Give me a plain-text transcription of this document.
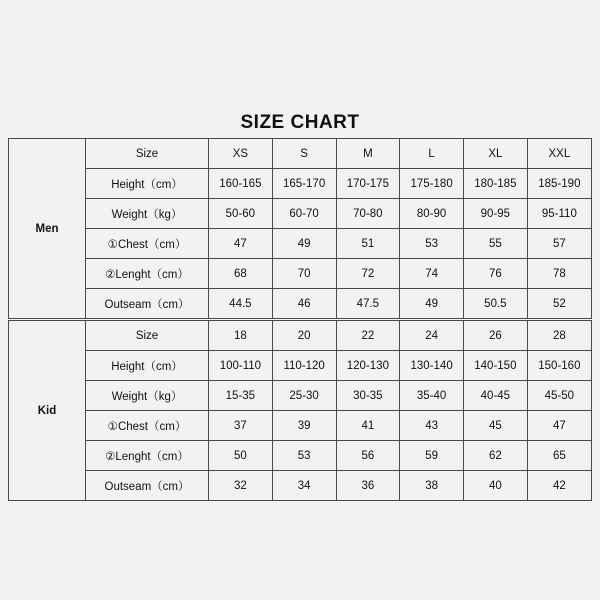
SIZE CHART
Men	Size	XS	S	M	L	XL	XXL
	Height（cm）	160-165	165-170	170-175	175-180	180-185	185-190
	Weight（kg）	50-60	60-70	70-80	80-90	90-95	95-110
	①Chest（cm）	47	49	51	53	55	57
	②Lenght（cm）	68	70	72	74	76	78
	Outseam（cm）	44.5	46	47.5	49	50.5	52
Kid	Size	18	20	22	24	26	28
	Height（cm）	100-110	110-120	120-130	130-140	140-150	150-160
	Weight（kg）	15-35	25-30	30-35	35-40	40-45	45-50
	①Chest（cm）	37	39	41	43	45	47
	②Lenght（cm）	50	53	56	59	62	65
	Outseam（cm）	32	34	36	38	40	42
